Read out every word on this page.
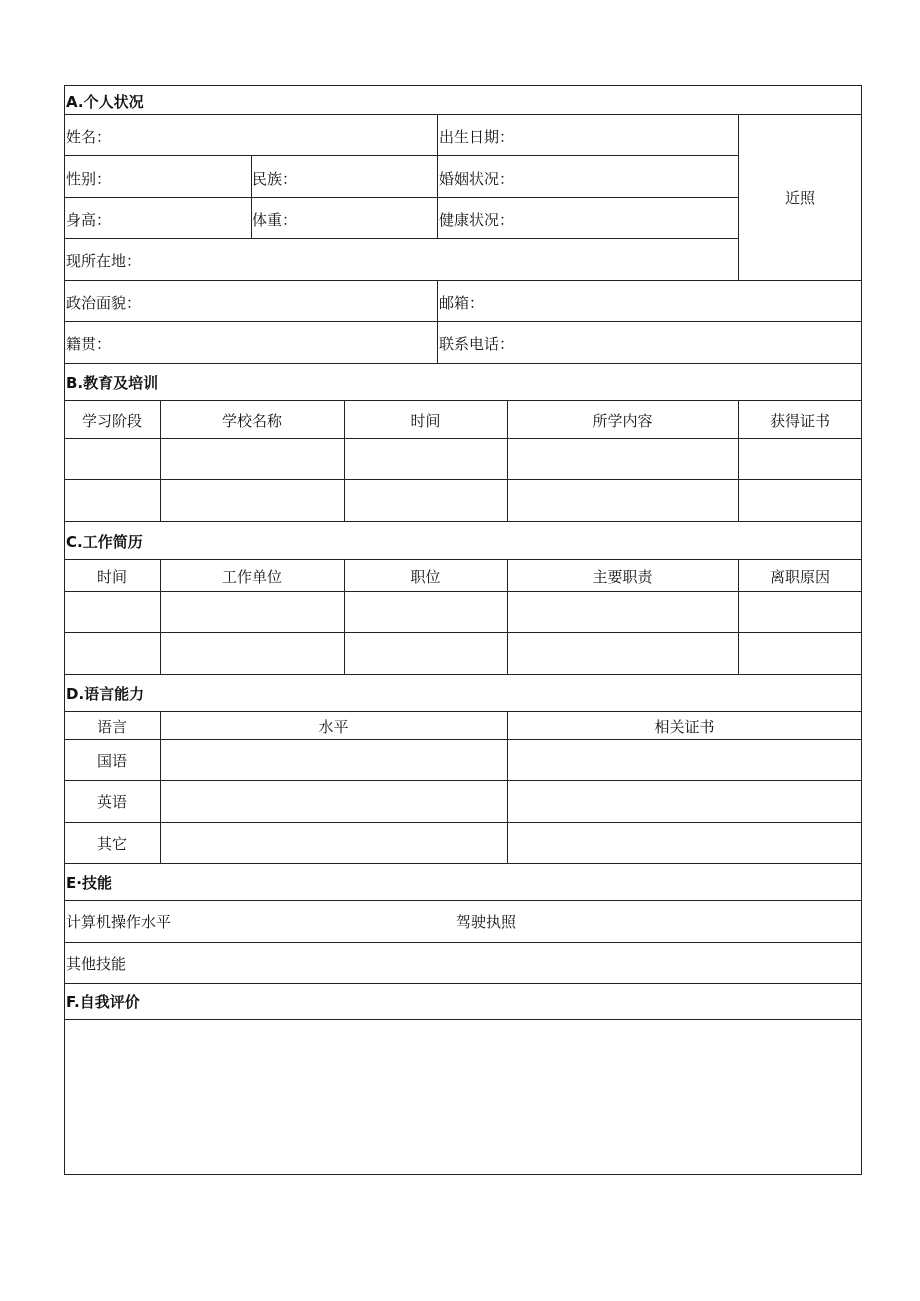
A.个人状况
近照
姓名：	出生日期：
性别：	民族：	婚姻状况：
身高：	体重：	健康状况：
现所在地：
政治面貌：	邮箱：
籍贯：	联系电话：
B.教育及培训
学习阶段	学校名称	时间	所学内容	获得证书
C.工作简历
时间	工作单位	职位	主要职责	离职原因
D.语言能力
语言	水平	相关证书
国语
英语
其它
E·技能
计算机操作水平	驾驶执照
其他技能
F.自我评价
